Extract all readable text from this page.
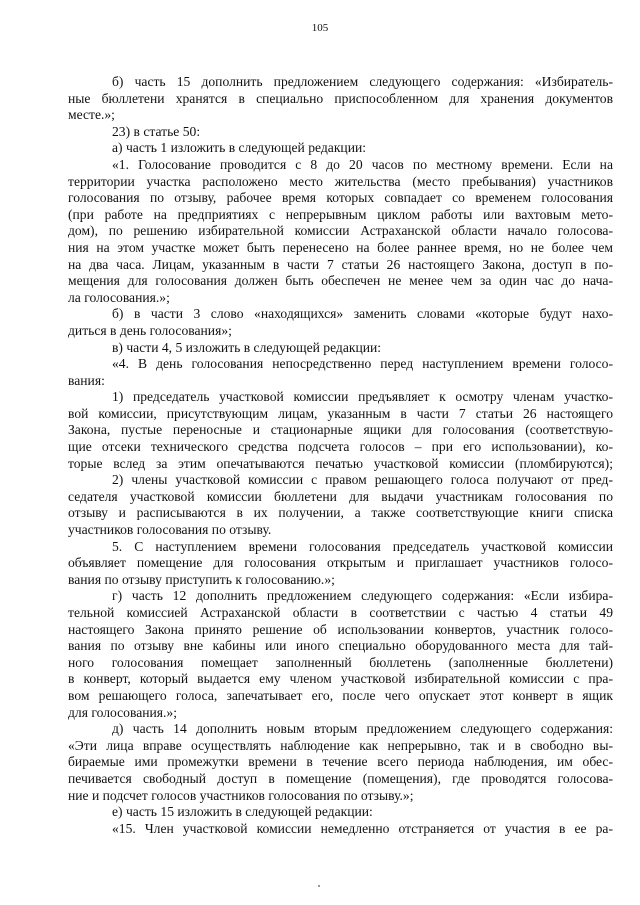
105
б) часть 15 дополнить предложением следующего содержания: «Избиратель-
ные бюллетени хранятся в специально приспособленном для хранения документов
месте.»;
23) в статье 50:
а) часть 1 изложить в следующей редакции:
«1. Голосование проводится с 8 до 20 часов по местному времени. Если на
территории участка расположено место жительства (место пребывания) участников
голосования по отзыву, рабочее время которых совпадает со временем голосования
(при работе на предприятиях с непрерывным циклом работы или вахтовым мето-
дом), по решению избирательной комиссии Астраханской области начало голосова-
ния на этом участке может быть перенесено на более раннее время, но не более чем
на два часа. Лицам, указанным в части 7 статьи 26 настоящего Закона, доступ в по-
мещения для голосования должен быть обеспечен не менее чем за один час до нача-
ла голосования.»;
б) в части 3 слово «находящихся» заменить словами «которые будут нахо-
диться в день голосования»;
в) части 4, 5 изложить в следующей редакции:
«4. В день голосования непосредственно перед наступлением времени голосо-
вания:
1) председатель участковой комиссии предъявляет к осмотру членам участко-
вой комиссии, присутствующим лицам, указанным в части 7 статьи 26 настоящего
Закона, пустые переносные и стационарные ящики для голосования (соответствую-
щие отсеки технического средства подсчета голосов – при его использовании), ко-
торые вслед за этим опечатываются печатью участковой комиссии (пломбируются);
2) члены участковой комиссии с правом решающего голоса получают от пред-
седателя участковой комиссии бюллетени для выдачи участникам голосования по
отзыву и расписываются в их получении, а также соответствующие книги списка
участников голосования по отзыву.
5. С наступлением времени голосования председатель участковой комиссии
объявляет помещение для голосования открытым и приглашает участников голосо-
вания по отзыву приступить к голосованию.»;
г) часть 12 дополнить предложением следующего содержания: «Если избира-
тельной комиссией Астраханской области в соответствии с частью 4 статьи 49
настоящего Закона принято решение об использовании конвертов, участник голосо-
вания по отзыву вне кабины или иного специально оборудованного места для тай-
ного голосования помещает заполненный бюллетень (заполненные бюллетени)
в конверт, который выдается ему членом участковой избирательной комиссии с пра-
вом решающего голоса, запечатывает его, после чего опускает этот конверт в ящик
для голосования.»;
д) часть 14 дополнить новым вторым предложением следующего содержания:
«Эти лица вправе осуществлять наблюдение как непрерывно, так и в свободно вы-
бираемые ими промежутки времени в течение всего периода наблюдения, им обес-
печивается свободный доступ в помещение (помещения), где проводятся голосова-
ние и подсчет голосов участников голосования по отзыву.»;
е) часть 15 изложить в следующей редакции:
«15. Член участковой комиссии немедленно отстраняется от участия в ее ра-
